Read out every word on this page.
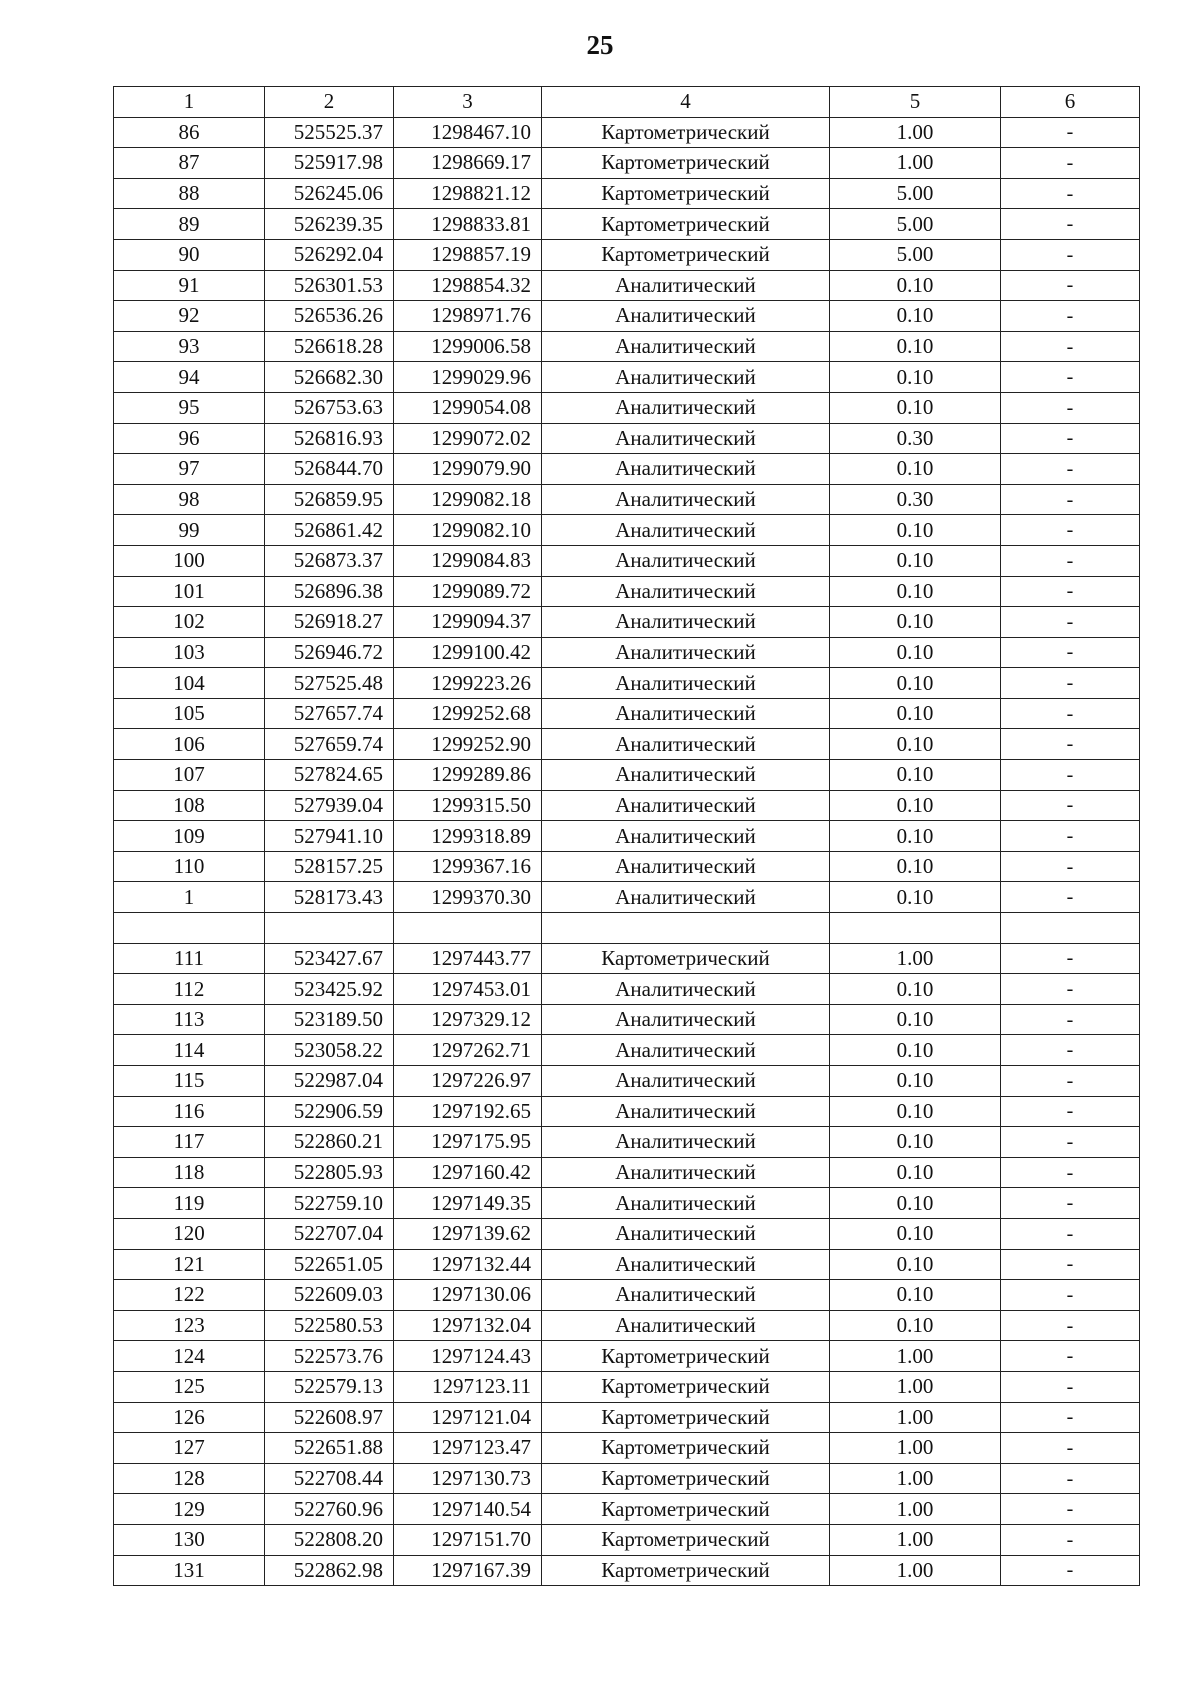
25
1	2	3	4	5	6
86	525525.37	1298467.10	Картометрический	1.00	-
87	525917.98	1298669.17	Картометрический	1.00	-
88	526245.06	1298821.12	Картометрический	5.00	-
89	526239.35	1298833.81	Картометрический	5.00	-
90	526292.04	1298857.19	Картометрический	5.00	-
91	526301.53	1298854.32	Аналитический	0.10	-
92	526536.26	1298971.76	Аналитический	0.10	-
93	526618.28	1299006.58	Аналитический	0.10	-
94	526682.30	1299029.96	Аналитический	0.10	-
95	526753.63	1299054.08	Аналитический	0.10	-
96	526816.93	1299072.02	Аналитический	0.30	-
97	526844.70	1299079.90	Аналитический	0.10	-
98	526859.95	1299082.18	Аналитический	0.30	-
99	526861.42	1299082.10	Аналитический	0.10	-
100	526873.37	1299084.83	Аналитический	0.10	-
101	526896.38	1299089.72	Аналитический	0.10	-
102	526918.27	1299094.37	Аналитический	0.10	-
103	526946.72	1299100.42	Аналитический	0.10	-
104	527525.48	1299223.26	Аналитический	0.10	-
105	527657.74	1299252.68	Аналитический	0.10	-
106	527659.74	1299252.90	Аналитический	0.10	-
107	527824.65	1299289.86	Аналитический	0.10	-
108	527939.04	1299315.50	Аналитический	0.10	-
109	527941.10	1299318.89	Аналитический	0.10	-
110	528157.25	1299367.16	Аналитический	0.10	-
1	528173.43	1299370.30	Аналитический	0.10	-

111	523427.67	1297443.77	Картометрический	1.00	-
112	523425.92	1297453.01	Аналитический	0.10	-
113	523189.50	1297329.12	Аналитический	0.10	-
114	523058.22	1297262.71	Аналитический	0.10	-
115	522987.04	1297226.97	Аналитический	0.10	-
116	522906.59	1297192.65	Аналитический	0.10	-
117	522860.21	1297175.95	Аналитический	0.10	-
118	522805.93	1297160.42	Аналитический	0.10	-
119	522759.10	1297149.35	Аналитический	0.10	-
120	522707.04	1297139.62	Аналитический	0.10	-
121	522651.05	1297132.44	Аналитический	0.10	-
122	522609.03	1297130.06	Аналитический	0.10	-
123	522580.53	1297132.04	Аналитический	0.10	-
124	522573.76	1297124.43	Картометрический	1.00	-
125	522579.13	1297123.11	Картометрический	1.00	-
126	522608.97	1297121.04	Картометрический	1.00	-
127	522651.88	1297123.47	Картометрический	1.00	-
128	522708.44	1297130.73	Картометрический	1.00	-
129	522760.96	1297140.54	Картометрический	1.00	-
130	522808.20	1297151.70	Картометрический	1.00	-
131	522862.98	1297167.39	Картометрический	1.00	-
